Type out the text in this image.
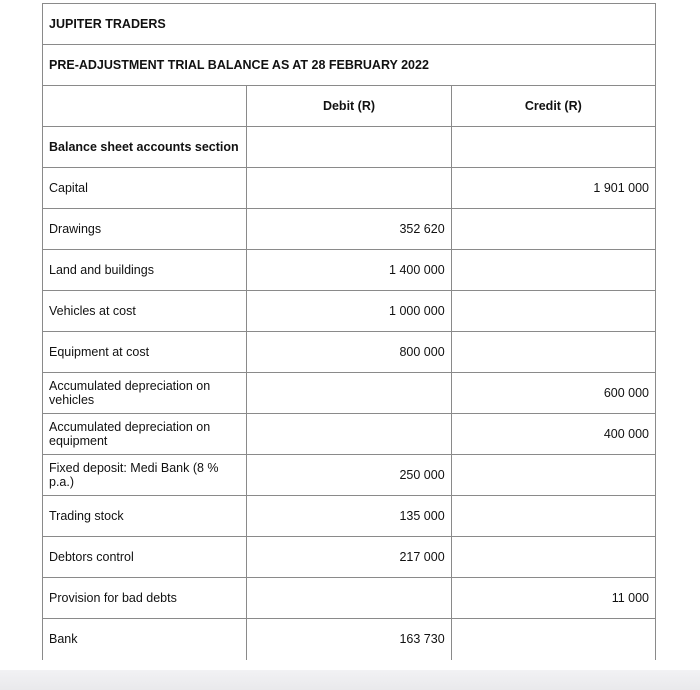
JUPITER TRADERS		
PRE-ADJUSTMENT TRIAL BALANCE AS AT 28 FEBRUARY 2022		
	Debit (R)	Credit (R)
Balance sheet accounts section		
Capital		1 901 000
Drawings	352 620	
Land and buildings	1 400 000	
Vehicles at cost	1 000 000	
Equipment at cost	800 000	
Accumulated depreciation on vehicles		600 000
Accumulated depreciation on equipment		400 000
Fixed deposit: Medi Bank (8 % p.a.)	250 000	
Trading stock	135 000	
Debtors control	217 000	
Provision for bad debts		11 000
Bank	163 730	
